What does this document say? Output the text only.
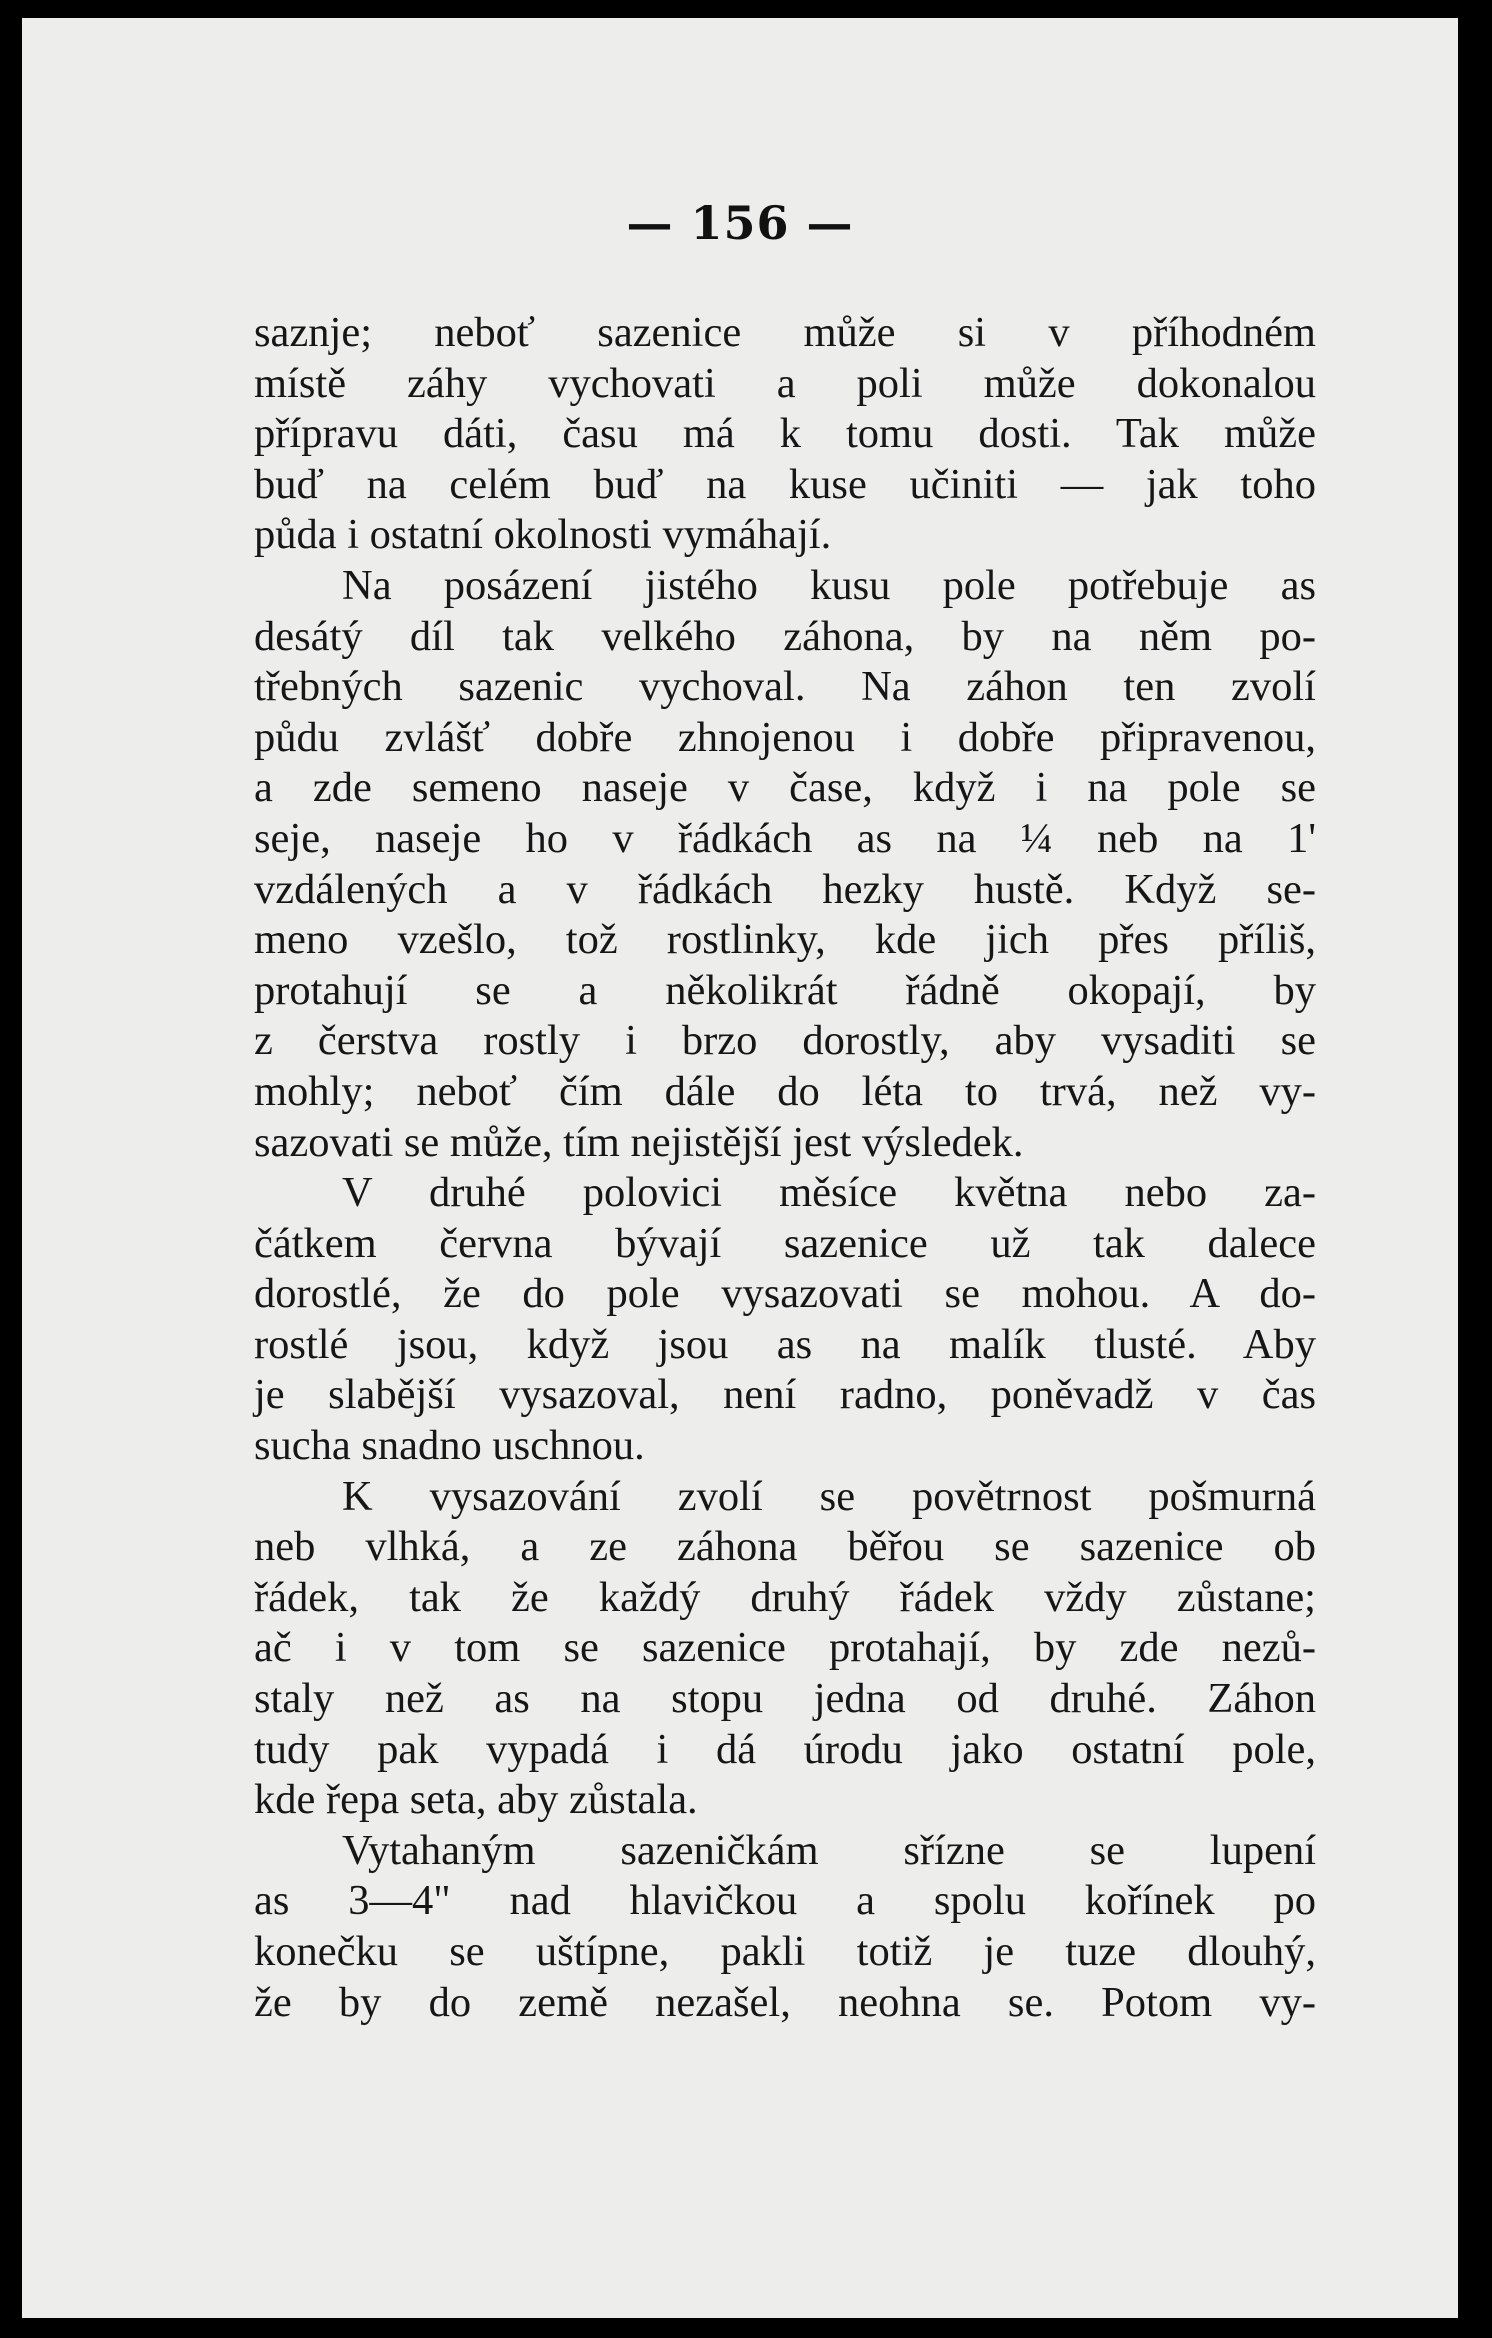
— 156 —
saznje; neboť sazenice může si v příhodném
místě záhy vychovati a poli může dokonalou
přípravu dáti, času má k tomu dosti. Tak může
buď na celém buď na kuse učiniti — jak toho
půda i ostatní okolnosti vymáhají.
Na posázení jistého kusu pole potřebuje as
desátý díl tak velkého záhona, by na něm po-
třebných sazenic vychoval. Na záhon ten zvolí
půdu zvlášť dobře zhnojenou i dobře připravenou,
a zde semeno naseje v čase, když i na pole se
seje, naseje ho v řádkách as na ¼ neb na 1'
vzdálených a v řádkách hezky hustě. Když se-
meno vzešlo, tož rostlinky, kde jich přes příliš,
protahují se a několikrát řádně okopají, by
z čerstva rostly i brzo dorostly, aby vysaditi se
mohly; neboť čím dále do léta to trvá, než vy-
sazovati se může, tím nejistější jest výsledek.
V druhé polovici měsíce května nebo za-
čátkem června bývají sazenice už tak dalece
dorostlé, že do pole vysazovati se mohou. A do-
rostlé jsou, když jsou as na malík tlusté. Aby
je slabější vysazoval, není radno, poněvadž v čas
sucha snadno uschnou.
K vysazování zvolí se povětrnost pošmurná
neb vlhká, a ze záhona běřou se sazenice ob
řádek, tak že každý druhý řádek vždy zůstane;
ač i v tom se sazenice protahají, by zde nezů-
staly než as na stopu jedna od druhé. Záhon
tudy pak vypadá i dá úrodu jako ostatní pole,
kde řepa seta, aby zůstala.
Vytahaným sazeničkám sříznе se lupení
as 3—4" nad hlavičkou a spolu kořínek po
konečku se uštípne, pakli totiž je tuze dlouhý,
že by do země nezašel, neohna se. Potom vy-
